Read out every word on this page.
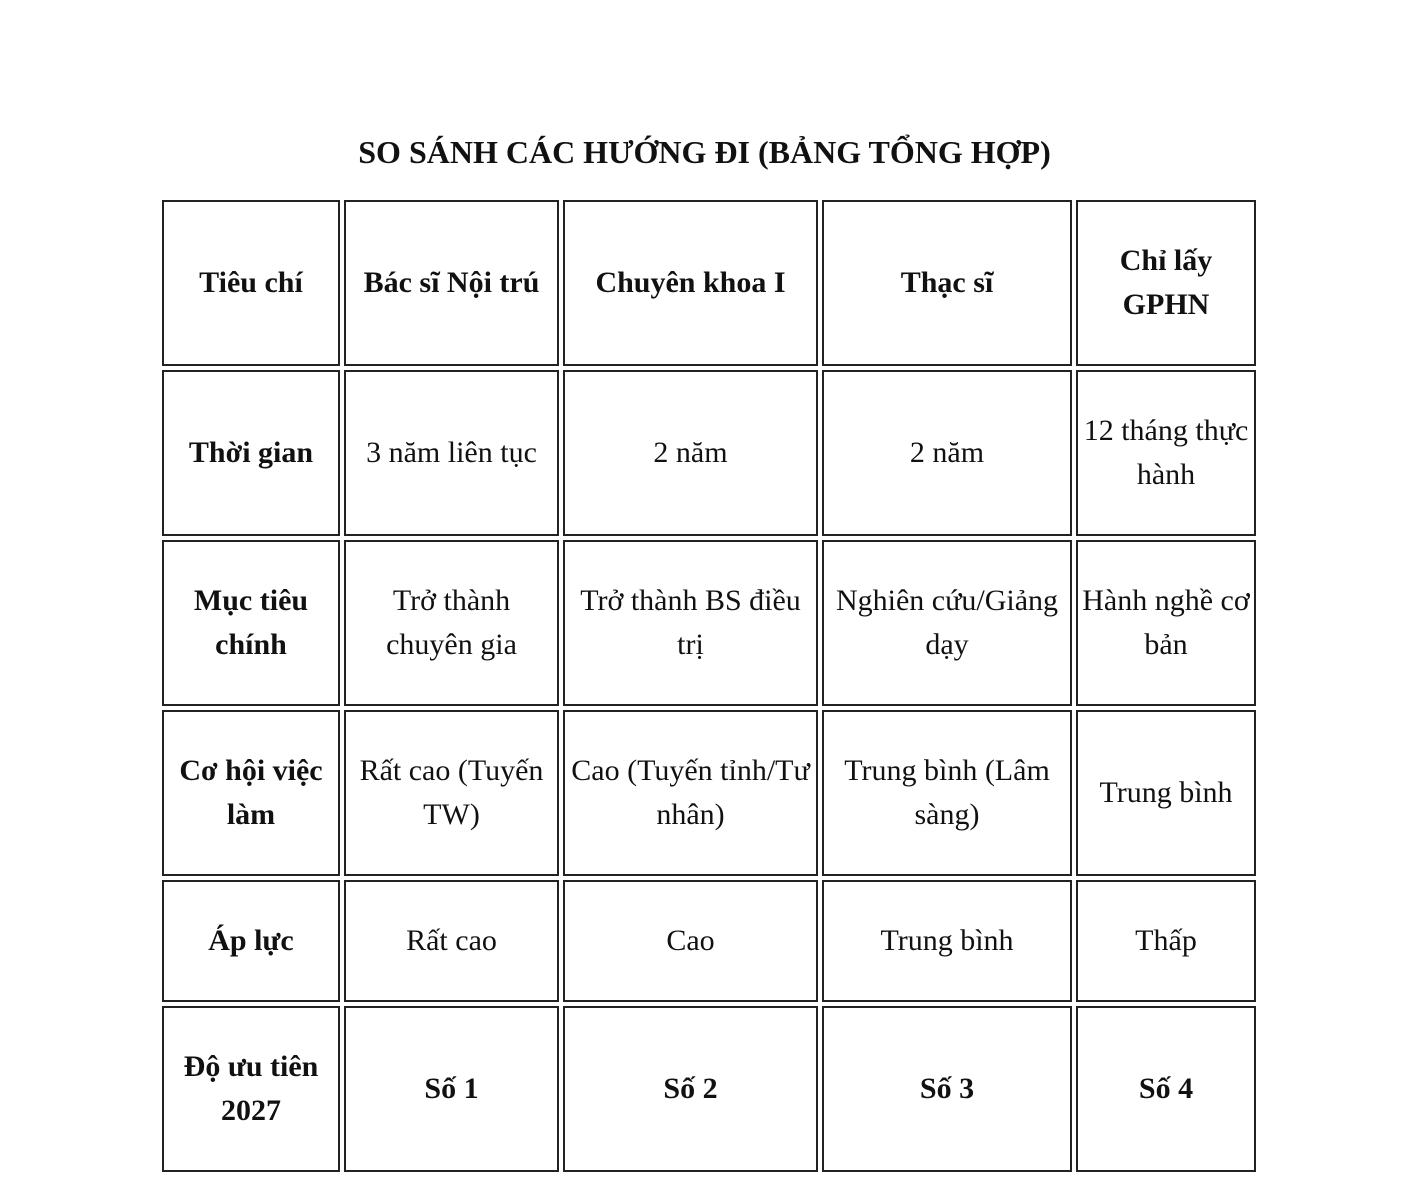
SO SÁNH CÁC HƯỚNG ĐI (BẢNG TỔNG HỢP)
Tiêu chí	Bác sĩ Nội trú	Chuyên khoa I	Thạc sĩ	Chỉ lấy GPHN
Thời gian	3 năm liên tục	2 năm	2 năm	12 tháng thực hành
Mục tiêu chính	Trở thành chuyên gia	Trở thành BS điều trị	Nghiên cứu/Giảng dạy	Hành nghề cơ bản
Cơ hội việc làm	Rất cao (Tuyến TW)	Cao (Tuyến tỉnh/Tư nhân)	Trung bình (Lâm sàng)	Trung bình
Áp lực	Rất cao	Cao	Trung bình	Thấp
Độ ưu tiên 2027	Số 1	Số 2	Số 3	Số 4
